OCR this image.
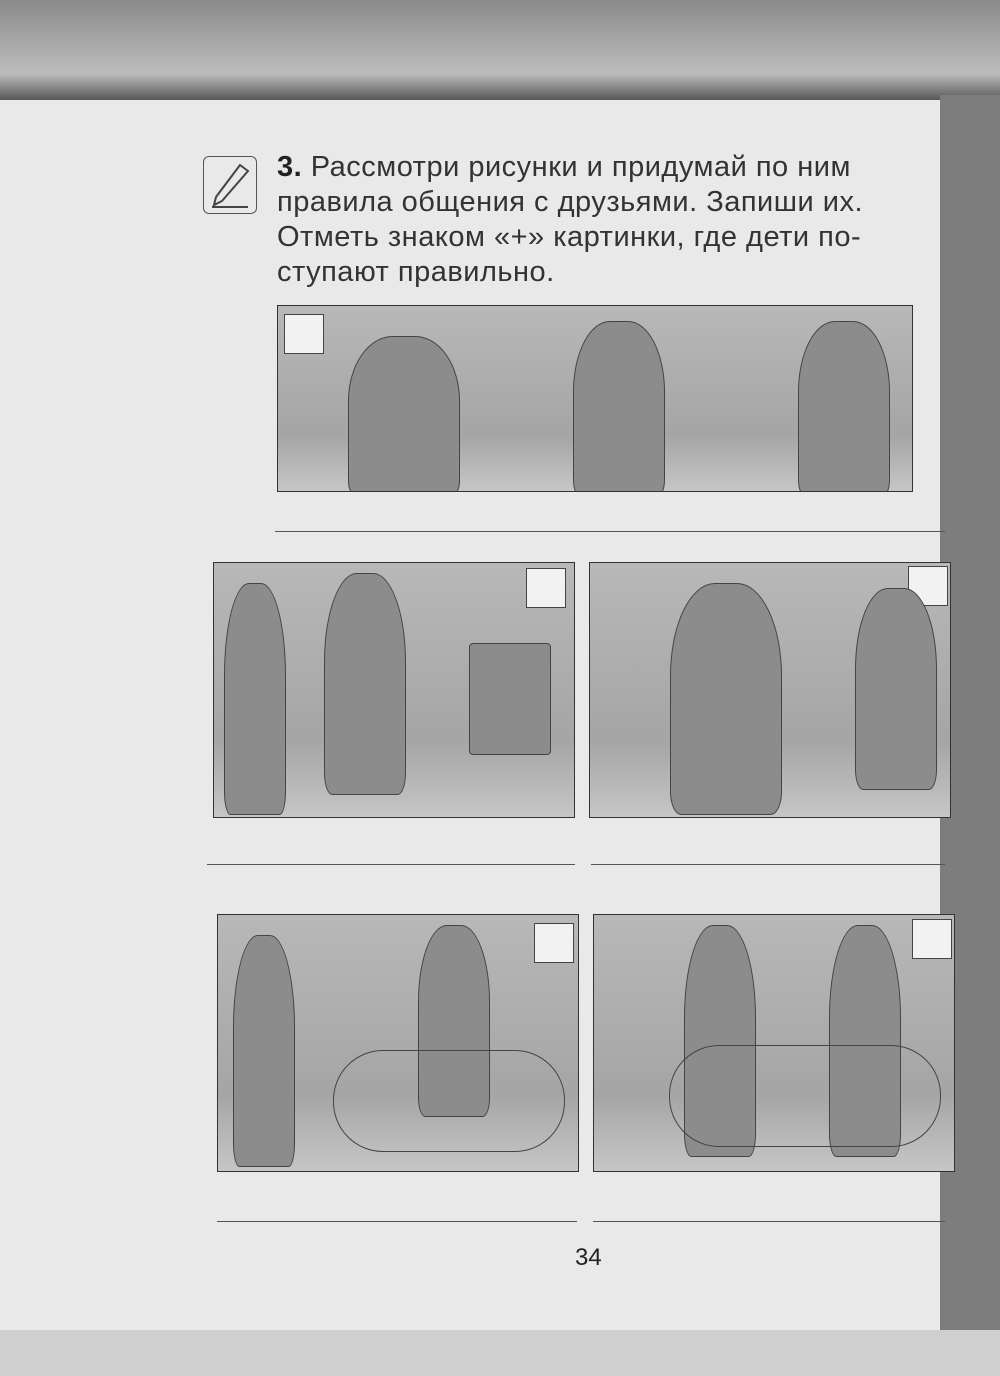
3. Рассмотри рисунки и придумай по ним
правила общения с друзьями. Запиши их.
Отметь знаком «+» картинки, где дети по-
ступают правильно.
34
